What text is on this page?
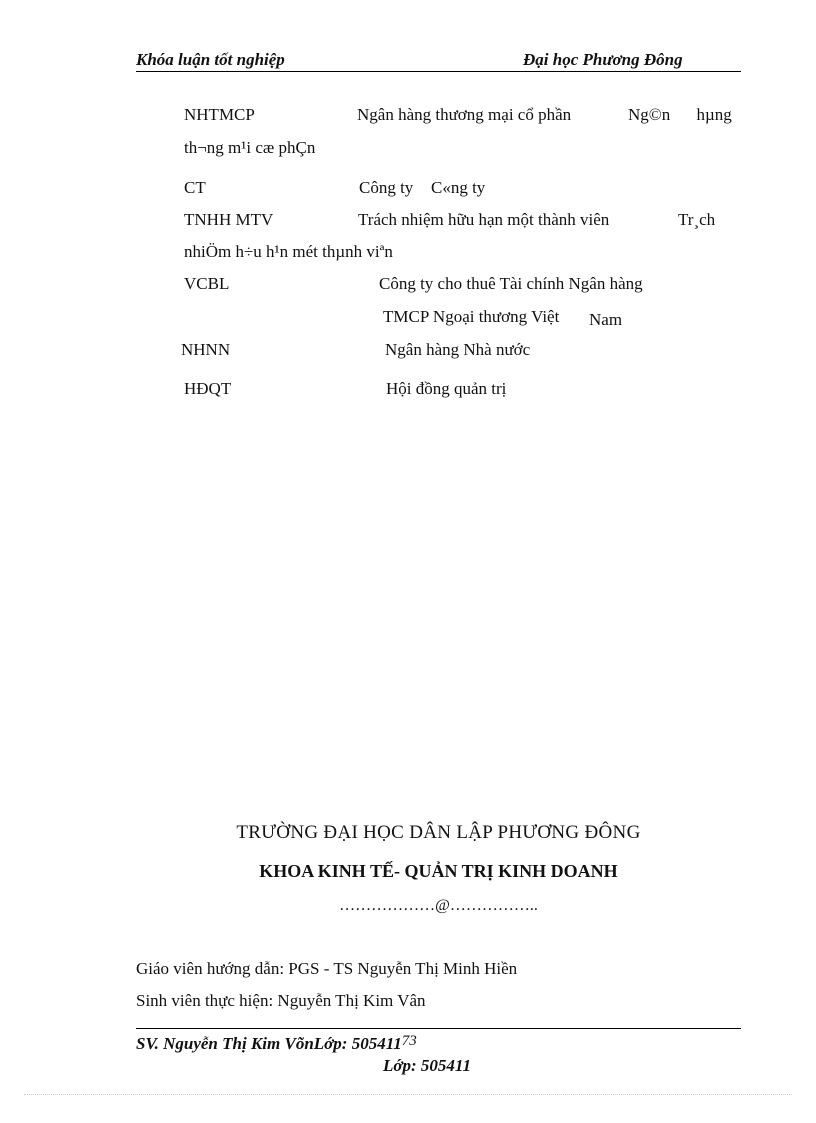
Khóa luận tốt nghiệp	Đại học Phương Đông
NHTMCP	Ngân hàng thương mại cổ phần	Ng©n hµng
th¬ng m¹i cæ phÇn
CT	Công ty C«ng ty
TNHH MTV	Trách nhiệm hữu hạn một thành viên	Tr¸ch
nhiÖm h÷u h¹n mét thµnh viªn
VCBL	Công ty cho thuê Tài chính Ngân hàng
TMCP Ngoại thương Việt Nam
NHNN	Ngân hàng Nhà nước
HĐQT	Hội đồng quản trị
TRƯỜNG ĐẠI HỌC DÂN LẬP PHƯƠNG ĐÔNG
KHOA KINH TẾ- QUẢN TRỊ KINH DOANH
………………@……………..
Giáo viên hướng dẫn: PGS - TS Nguyễn Thị Minh Hiền
Sinh viên thực hiện: Nguyễn Thị Kim Vân
SV. Nguyễn Thị Kim VõnLớp: 50541173
Lớp: 505411
